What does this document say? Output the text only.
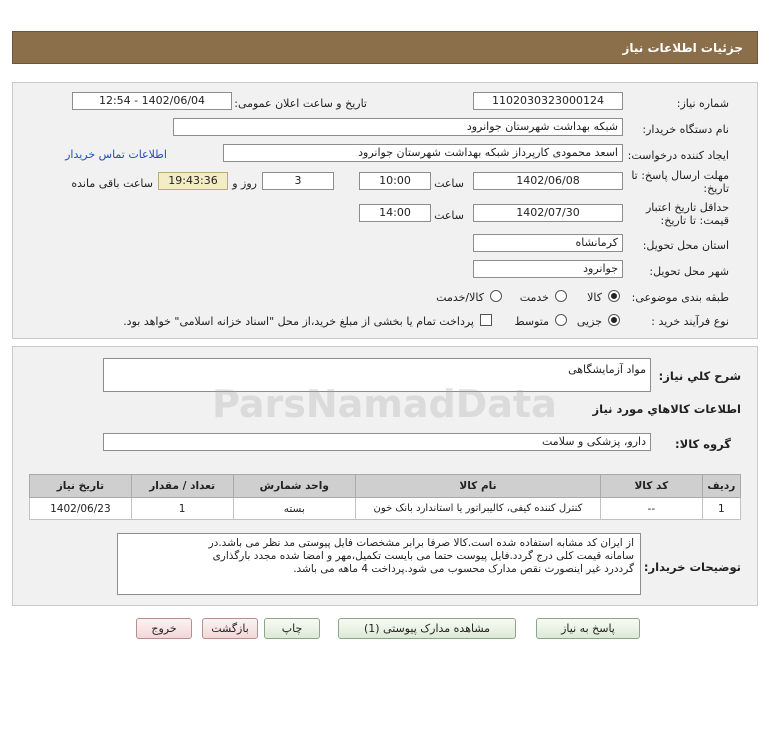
جزئیات اطلاعات نیاز
شماره نیاز:
1102030323000124
تاریخ و ساعت اعلان عمومی:
1402/06/04 - 12:54
نام دستگاه خریدار:
شبکه بهداشت شهرستان جوانرود
ایجاد کننده درخواست:
اسعد محمودی کارپرداز شبکه بهداشت شهرستان جوانرود
اطلاعات تماس خریدار
مهلت ارسال پاسخ: تا
تاریخ:
1402/06/08
ساعت
10:00
3
روز و
19:43:36
ساعت باقی مانده
حداقل تاریخ اعتبار
قیمت: تا تاریخ:
1402/07/30
ساعت
14:00
استان محل تحویل:
کرمانشاه
شهر محل تحویل:
جوانرود
طبقه بندی موضوعی:
کالا
خدمت
کالا/خدمت
نوع فرآیند خرید :
جزیی
متوسط
پرداخت تمام یا بخشی از مبلغ خرید،از محل "اسناد خزانه اسلامی" خواهد بود.
شرح کلي نياز:
مواد آزمایشگاهی
اطلاعات کالاهاي مورد نياز
گروه کالا:
دارو، پزشکی و سلامت
ردیف	کد کالا	نام کالا	واحد شمارش	تعداد / مقدار	تاریخ نیاز
1	--	کنترل کننده کیفی، کالیبراتور یا استاندارد بانک خون	بسته	1	1402/06/23
توضیحات خریدار:
از ایران کد مشابه استفاده شده است.کالا صرفا برابر مشخصات فایل پیوستی مد نظر می باشد.در
سامانه قیمت کلی درج گردد.فایل پیوست حتما می بایست تکمیل،مهر و امضا شده مجدد بارگذاری
گرددرد غیر اینصورت نقص مدارک محسوب می شود.پرداخت 4 ماهه می باشد.
پاسخ به نیاز
مشاهده مدارک پیوستی (1)
چاپ
بازگشت
خروج
ParsNamadData
